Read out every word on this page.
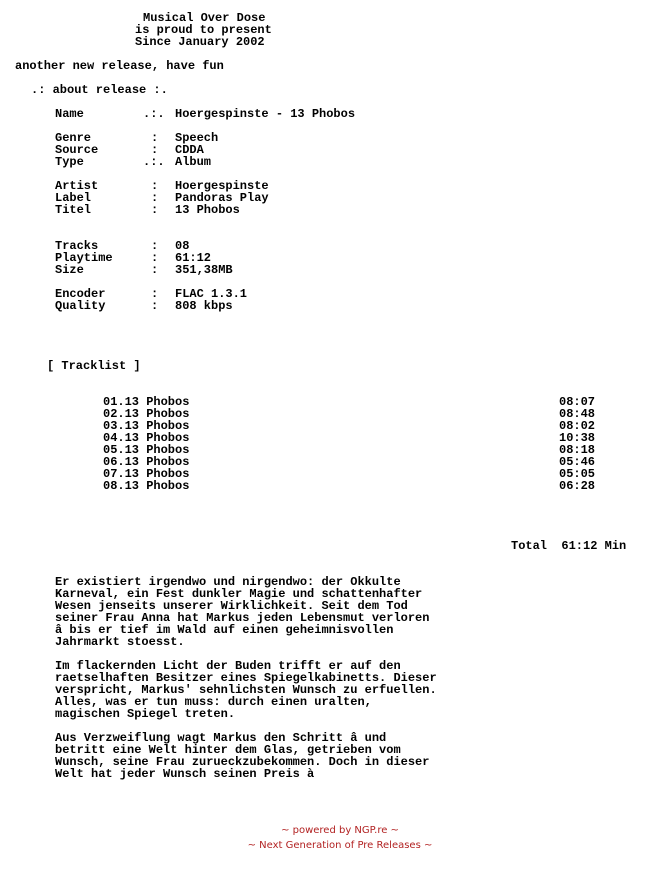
Musical Over Dose
is proud to present
Since January 2002
another new release, have fun
.: about release :.
Name	.:. Hoergespinste - 13 Phobos
Genre	: Speech
Source	: CDDA
Type	.:. Album
Artist	: Hoergespinste
Label	: Pandoras Play
Titel	: 13 Phobos
Tracks	: 08
Playtime	: 61:12
Size	: 351,38MB
Encoder	: FLAC 1.3.1
Quality	: 808 kbps
[ Tracklist ]
01.13 Phobos	08:07
02.13 Phobos	08:48
03.13 Phobos	08:02
04.13 Phobos	10:38
05.13 Phobos	08:18
06.13 Phobos	05:46
07.13 Phobos	05:05
08.13 Phobos	06:28
Total  61:12 Min
Er existiert irgendwo und nirgendwo: der Okkulte
Karneval, ein Fest dunkler Magie und schattenhafter
Wesen jenseits unserer Wirklichkeit. Seit dem Tod
seiner Frau Anna hat Markus jeden Lebensmut verloren
â bis er tief im Wald auf einen geheimnisvollen
Jahrmarkt stoesst.
Im flackernden Licht der Buden trifft er auf den
raetselhaften Besitzer eines Spiegelkabinetts. Dieser
verspricht, Markus' sehnlichsten Wunsch zu erfuellen.
Alles, was er tun muss: durch einen uralten,
magischen Spiegel treten.
Aus Verzweiflung wagt Markus den Schritt â und
betritt eine Welt hinter dem Glas, getrieben vom
Wunsch, seine Frau zurueckzubekommen. Doch in dieser
Welt hat jeder Wunsch seinen Preis à
~ powered by NGP.re ~
~ Next Generation of Pre Releases ~
